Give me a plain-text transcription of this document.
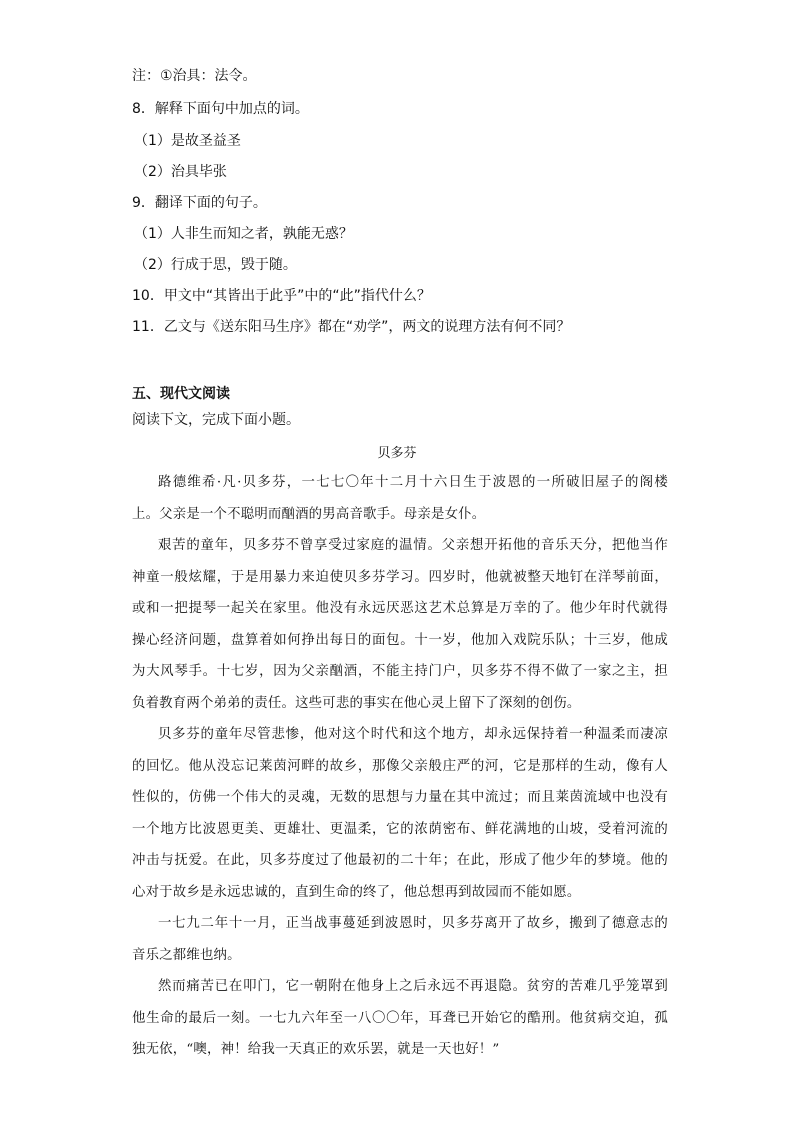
注：①治具：法令。
8．解释下面句中加点的词。
（1）是故圣益圣
（2）治具毕张
9．翻译下面的句子。
（1）人非生而知之者，孰能无惑？
（2）行成于思，毁于随。
10．甲文中“其皆出于此乎”中的“此”指代什么？
11．乙文与《送东阳马生序》都在“劝学”，两文的说理方法有何不同？
五、现代文阅读
阅读下文，完成下面小题。
贝多芬
路德维希·凡·贝多芬，一七七〇年十二月十六日生于波恩的一所破旧屋子的阁楼
上。父亲是一个不聪明而酗酒的男高音歌手。母亲是女仆。
艰苦的童年，贝多芬不曾享受过家庭的温情。父亲想开拓他的音乐天分，把他当作
神童一般炫耀，于是用暴力来迫使贝多芬学习。四岁时，他就被整天地钉在洋琴前面，
或和一把提琴一起关在家里。他没有永远厌恶这艺术总算是万幸的了。他少年时代就得
操心经济问题，盘算着如何挣出每日的面包。十一岁，他加入戏院乐队；十三岁，他成
为大风琴手。十七岁，因为父亲酗酒，不能主持门户，贝多芬不得不做了一家之主，担
负着教育两个弟弟的责任。这些可悲的事实在他心灵上留下了深刻的创伤。
贝多芬的童年尽管悲惨，他对这个时代和这个地方，却永远保持着一种温柔而凄凉
的回忆。他从没忘记莱茵河畔的故乡，那像父亲般庄严的河，它是那样的生动，像有人
性似的，仿佛一个伟大的灵魂，无数的思想与力量在其中流过；而且莱茵流域中也没有
一个地方比波恩更美、更雄壮、更温柔，它的浓荫密布、鲜花满地的山坡，受着河流的
冲击与抚爱。在此，贝多芬度过了他最初的二十年；在此，形成了他少年的梦境。他的
心对于故乡是永远忠诚的，直到生命的终了，他总想再到故园而不能如愿。
一七九二年十一月，正当战事蔓延到波恩时，贝多芬离开了故乡，搬到了德意志的
音乐之都维也纳。
然而痛苦已在叩门，它一朝附在他身上之后永远不再退隐。贫穷的苦难几乎笼罩到
他生命的最后一刻。一七九六年至一八〇〇年，耳聋已开始它的酷刑。他贫病交迫，孤
独无依，“噢，神！给我一天真正的欢乐罢，就是一天也好！”
